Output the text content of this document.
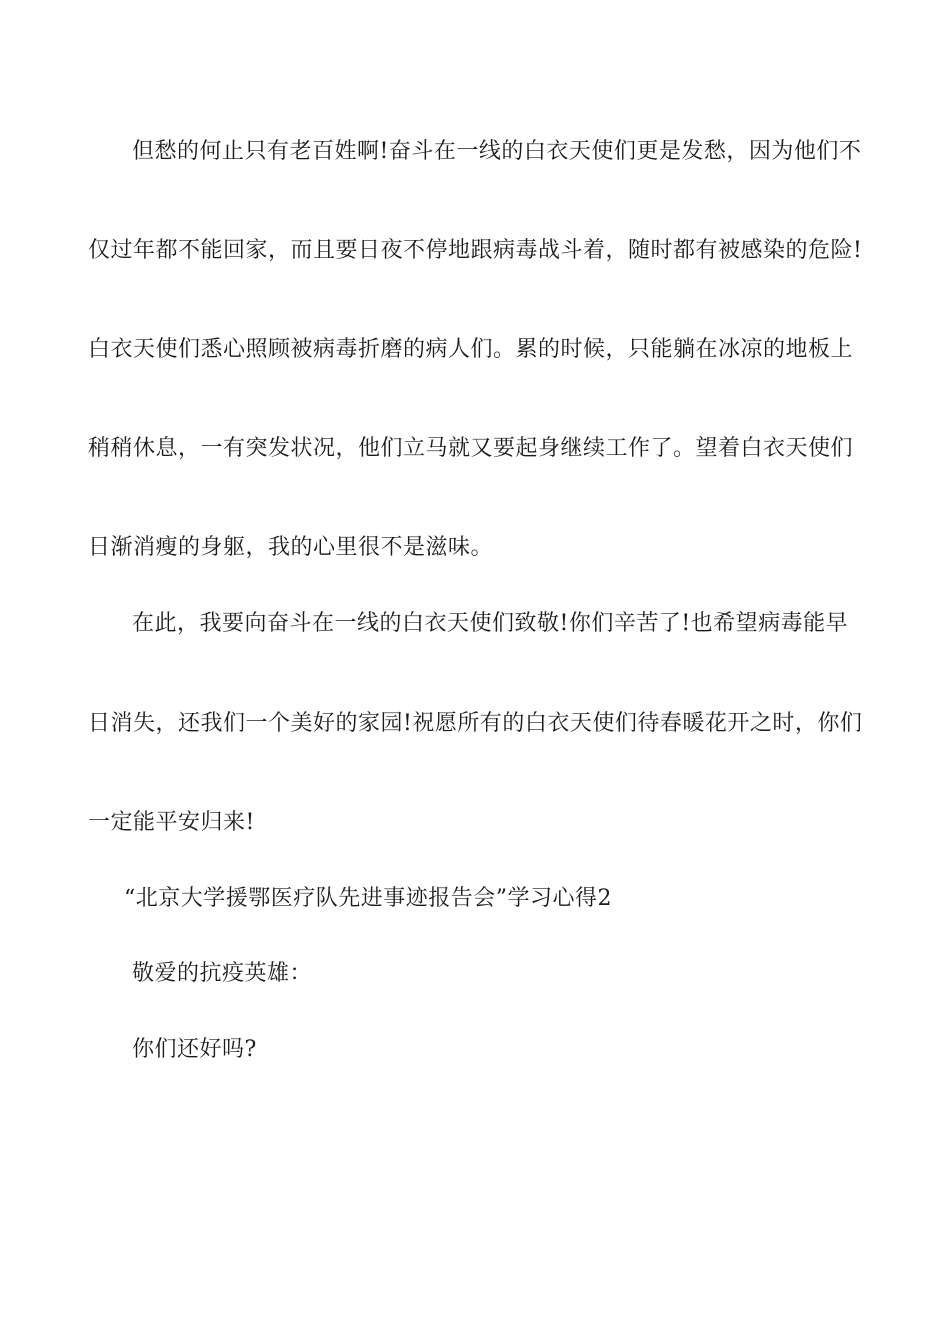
但愁的何止只有老百姓啊!奋斗在一线的白衣天使们更是发愁，因为他们不
仅过年都不能回家，而且要日夜不停地跟病毒战斗着，随时都有被感染的危险!
白衣天使们悉心照顾被病毒折磨的病人们。累的时候，只能躺在冰凉的地板上
稍稍休息，一有突发状况，他们立马就又要起身继续工作了。望着白衣天使们
日渐消瘦的身躯，我的心里很不是滋味。
在此，我要向奋斗在一线的白衣天使们致敬!你们辛苦了!也希望病毒能早
日消失，还我们一个美好的家园!祝愿所有的白衣天使们待春暖花开之时，你们
一定能平安归来!
“北京大学援鄂医疗队先进事迹报告会”学习心得2
敬爱的抗疫英雄：
你们还好吗?
